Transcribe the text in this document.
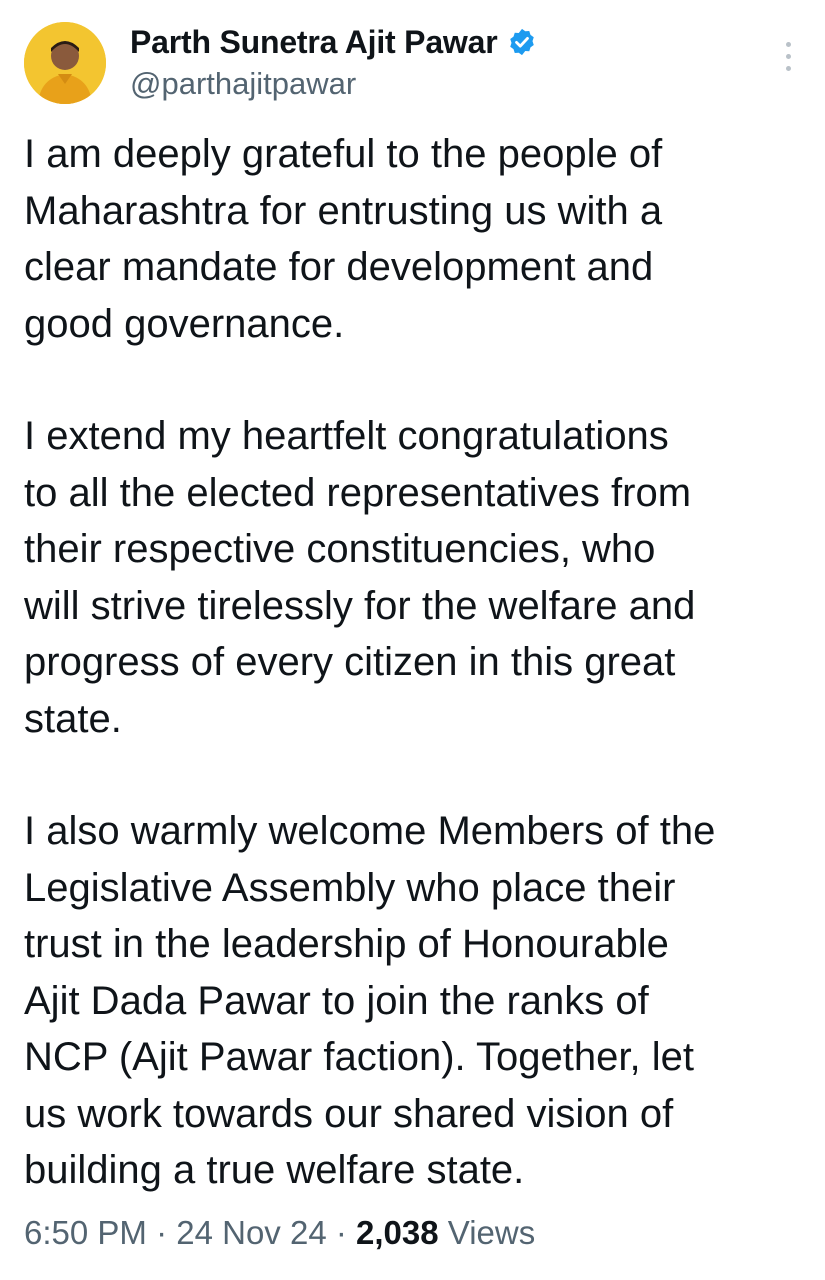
Parth Sunetra Ajit Pawar
@parthajitpawar

I am deeply grateful to the people of
Maharashtra for entrusting us with a
clear mandate for development and
good governance.

I extend my heartfelt congratulations
to all the elected representatives from
their respective constituencies, who
will strive tirelessly for the welfare and
progress of every citizen in this great
state.

I also warmly welcome Members of the
Legislative Assembly who place their
trust in the leadership of Honourable
Ajit Dada Pawar to join the ranks of
NCP (Ajit Pawar faction). Together, let
us work towards our shared vision of
building a true welfare state.

6:50 PM · 24 Nov 24 · 2,038 Views
